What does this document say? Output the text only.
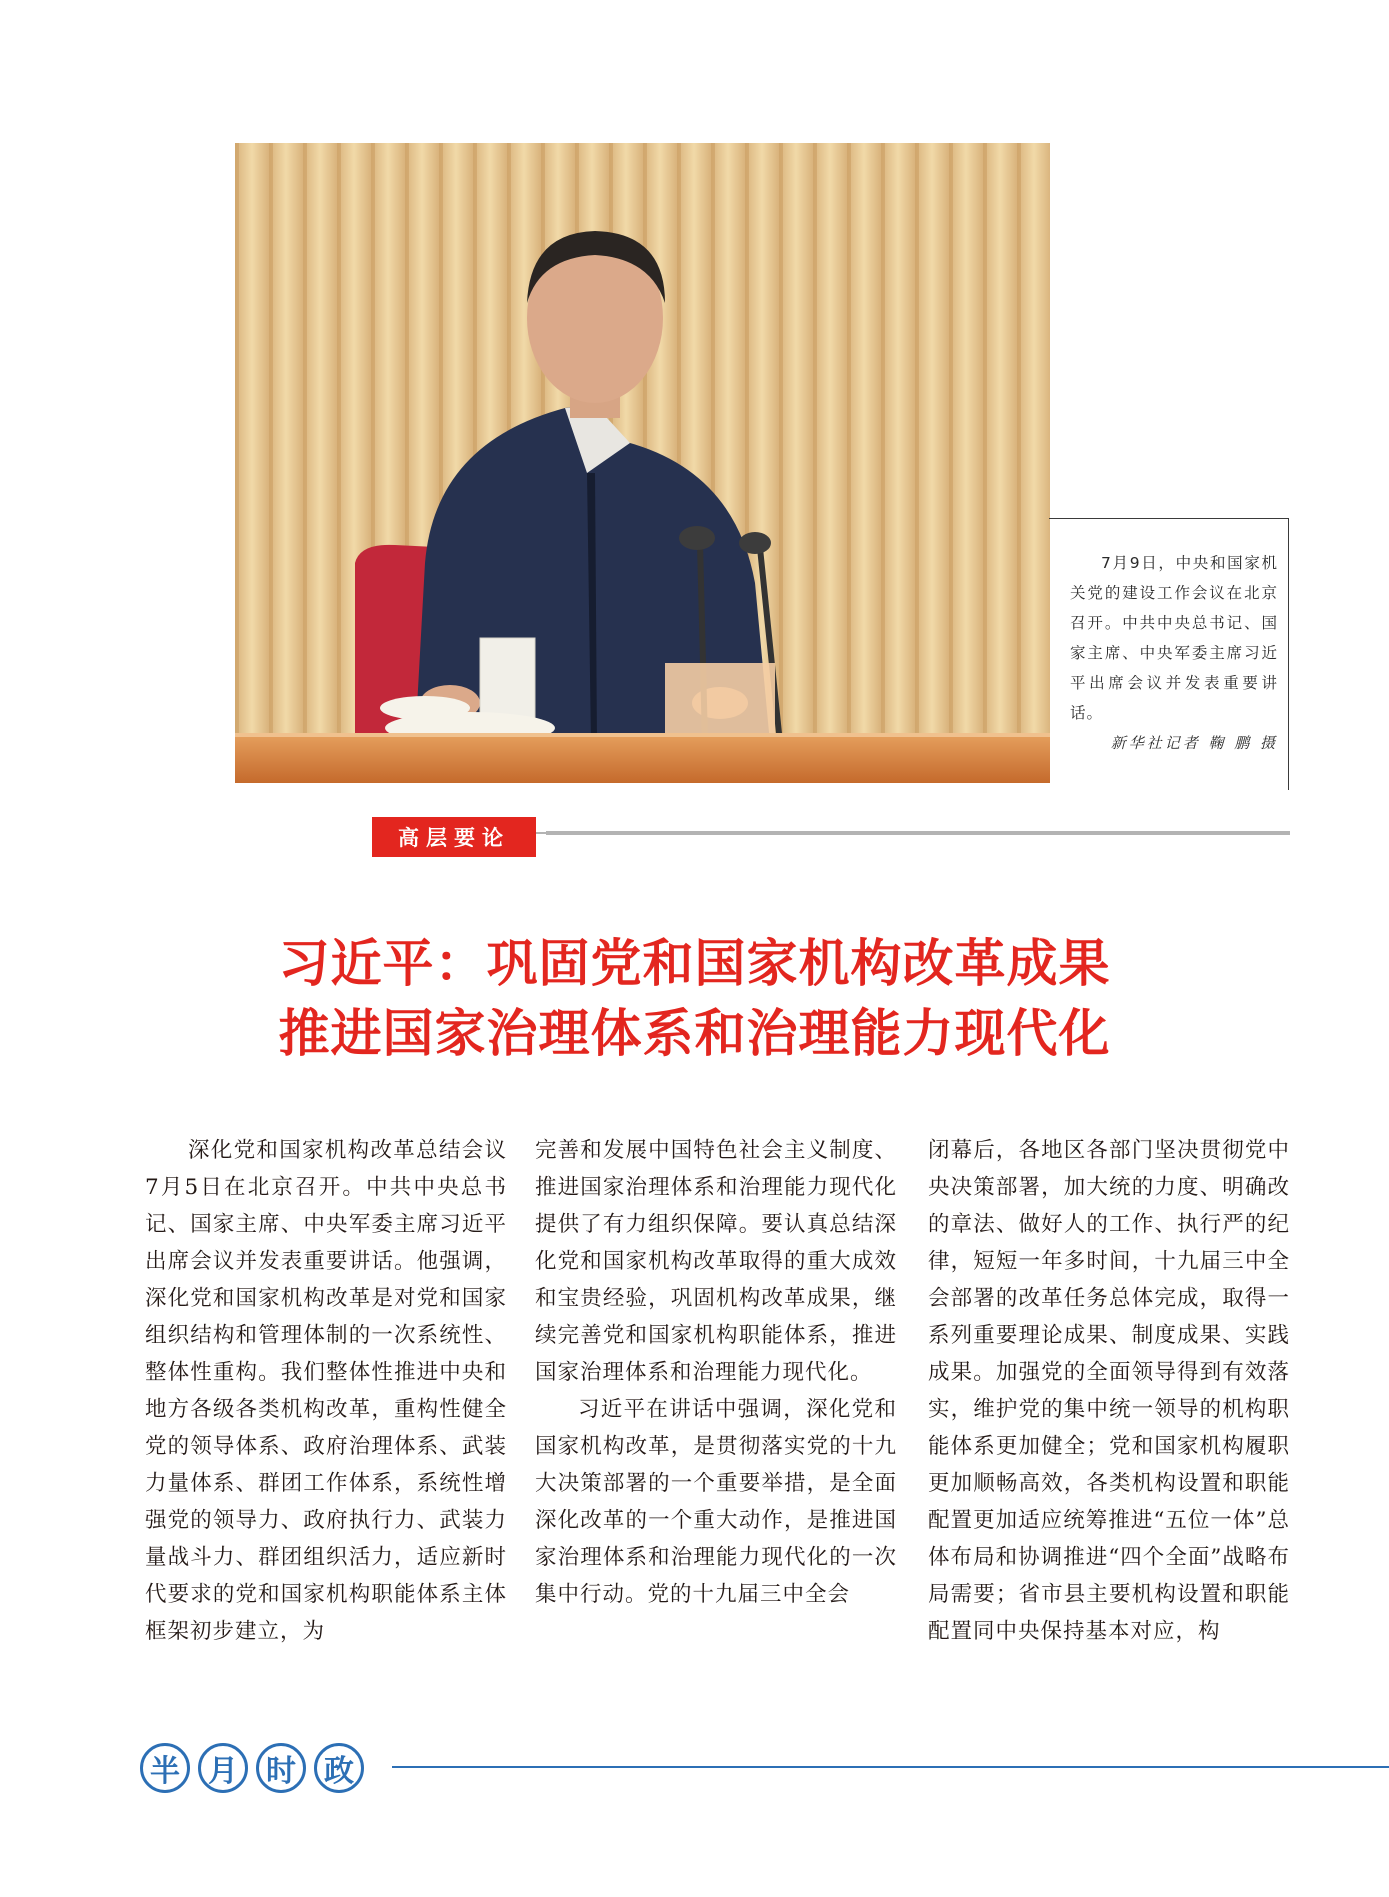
7月9日，中央和国家机关党的建设工作会议在北京召开。中共中央总书记、国家主席、中央军委主席习近平出席会议并发表重要讲话。

新华社记者 鞠 鹏 摄

高层要论
习近平：巩固党和国家机构改革成果
推进国家治理体系和治理能力现代化

深化党和国家机构改革总结会议7月5日在北京召开。中共中央总书记、国家主席、中央军委主席习近平出席会议并发表重要讲话。他强调，深化党和国家机构改革是对党和国家组织结构和管理体制的一次系统性、整体性重构。我们整体性推进中央和地方各级各类机构改革，重构性健全党的领导体系、政府治理体系、武装力量体系、群团工作体系，系统性增强党的领导力、政府执行力、武装力量战斗力、群团组织活力，适应新时代要求的党和国家机构职能体系主体框架初步建立，为

完善和发展中国特色社会主义制度、推进国家治理体系和治理能力现代化提供了有力组织保障。要认真总结深化党和国家机构改革取得的重大成效和宝贵经验，巩固机构改革成果，继续完善党和国家机构职能体系，推进国家治理体系和治理能力现代化。

习近平在讲话中强调，深化党和国家机构改革，是贯彻落实党的十九大决策部署的一个重要举措，是全面深化改革的一个重大动作，是推进国家治理体系和治理能力现代化的一次集中行动。党的十九届三中全会

闭幕后，各地区各部门坚决贯彻党中央决策部署，加大统的力度、明确改的章法、做好人的工作、执行严的纪律，短短一年多时间，十九届三中全会部署的改革任务总体完成，取得一系列重要理论成果、制度成果、实践成果。加强党的全面领导得到有效落实，维护党的集中统一领导的机构职能体系更加健全；党和国家机构履职更加顺畅高效，各类机构设置和职能配置更加适应统筹推进“五位一体”总体布局和协调推进“四个全面”战略布局需要；省市县主要机构设置和职能配置同中央保持基本对应，构

半 月 时 政
